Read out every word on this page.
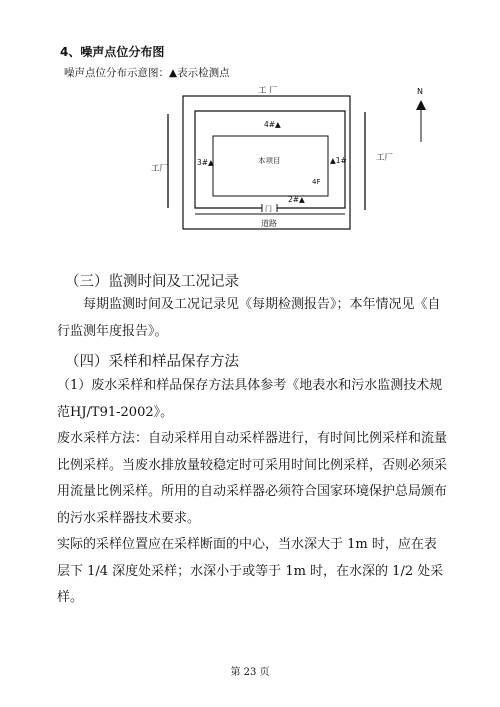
4、噪声点位分布图
噪声点位分布示意图：▲表示检测点
工 厂
工厂
工厂
N
本项目
4F
门
道路
▲1#
2#▲
3#▲
4#▲
（三）监测时间及工况记录

每期监测时间及工况记录见《每期检测报告》；本年情况见《自行监测年度报告》。

（四）采样和样品保存方法

（1）废水采样和样品保存方法具体参考《地表水和污水监测技术规范HJ/T91-2002》。

废水采样方法：自动采样用自动采样器进行，有时间比例采样和流量比例采样。当废水排放量较稳定时可采用时间比例采样，否则必须采用流量比例采样。所用的自动采样器必须符合国家环境保护总局颁布的污水采样器技术要求。

实际的采样位置应在采样断面的中心，当水深大于 1m 时，应在表层下 1/4 深度处采样；水深小于或等于 1m 时，在水深的 1/2 处采样。

第 23 页
